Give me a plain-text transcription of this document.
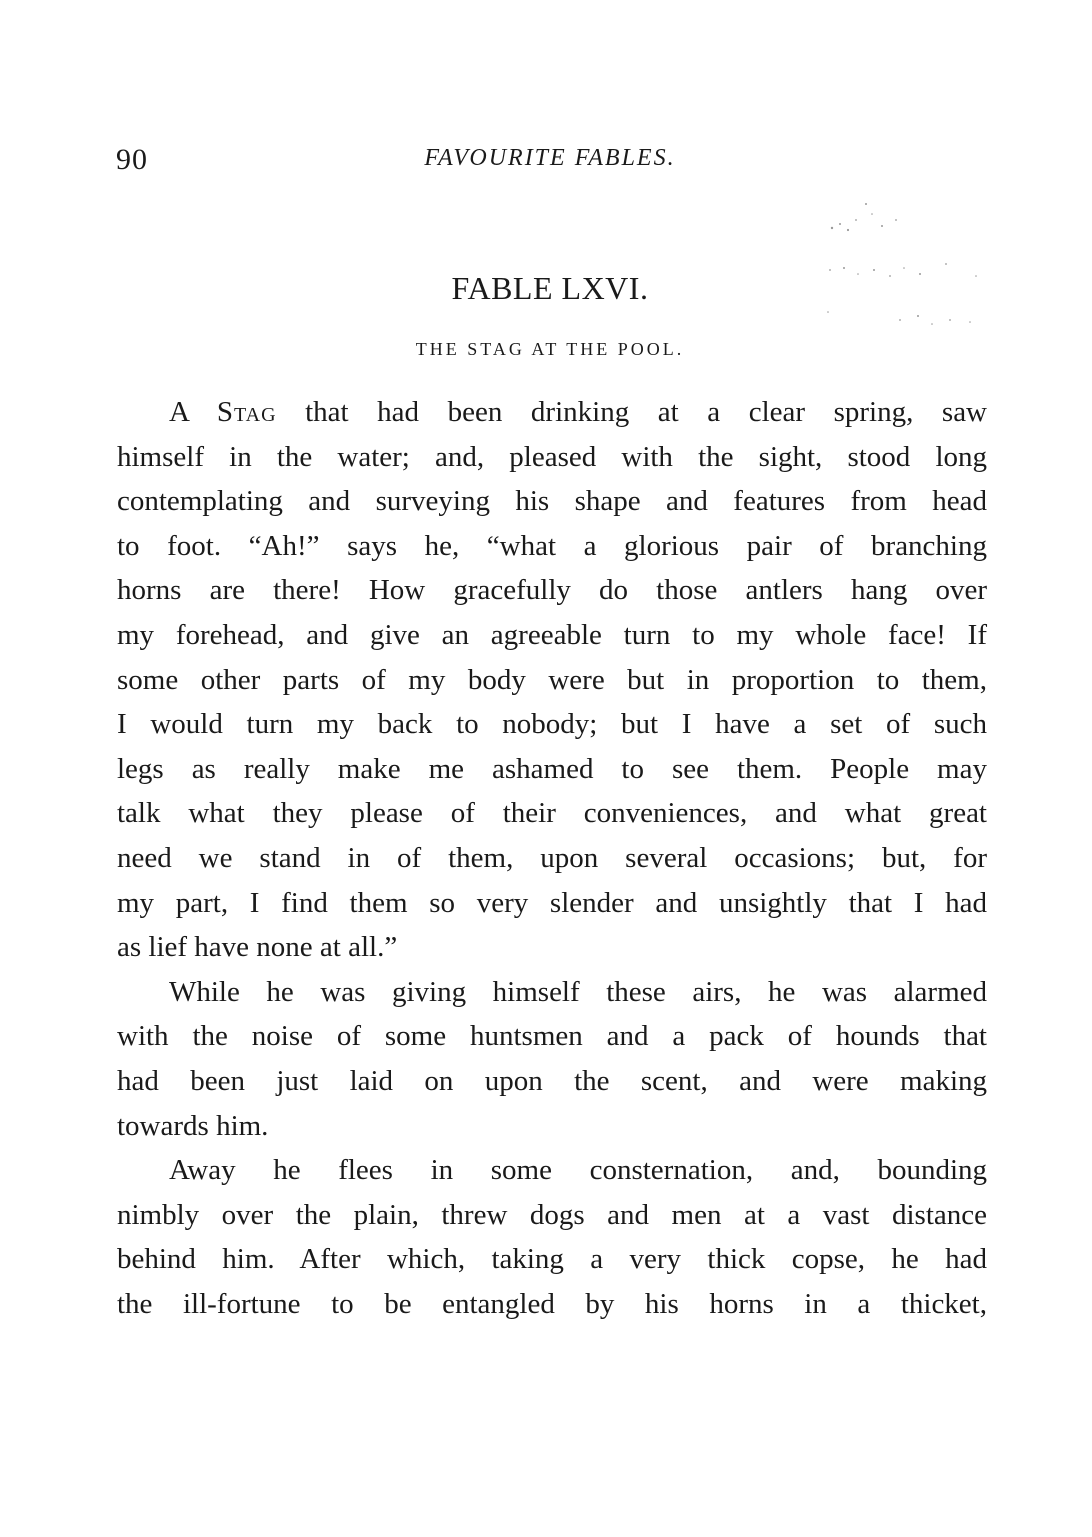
90	FAVOURITE FABLES.
FABLE LXVI.
THE STAG AT THE POOL.
A Stag that had been drinking at a clear spring, saw
himself in the water; and, pleased with the sight, stood long
contemplating and surveying his shape and features from head
to foot. “Ah!” says he, “what a glorious pair of branching
horns are there! How gracefully do those antlers hang over
my forehead, and give an agreeable turn to my whole face! If
some other parts of my body were but in proportion to them,
I would turn my back to nobody; but I have a set of such
legs as really make me ashamed to see them. People may
talk what they please of their conveniences, and what great
need we stand in of them, upon several occasions; but, for
my part, I find them so very slender and unsightly that I had
as lief have none at all.”
While he was giving himself these airs, he was alarmed
with the noise of some huntsmen and a pack of hounds that
had been just laid on upon the scent, and were making
towards him.
Away he flees in some consternation, and, bounding
nimbly over the plain, threw dogs and men at a vast distance
behind him. After which, taking a very thick copse, he had
the ill-fortune to be entangled by his horns in a thicket,
